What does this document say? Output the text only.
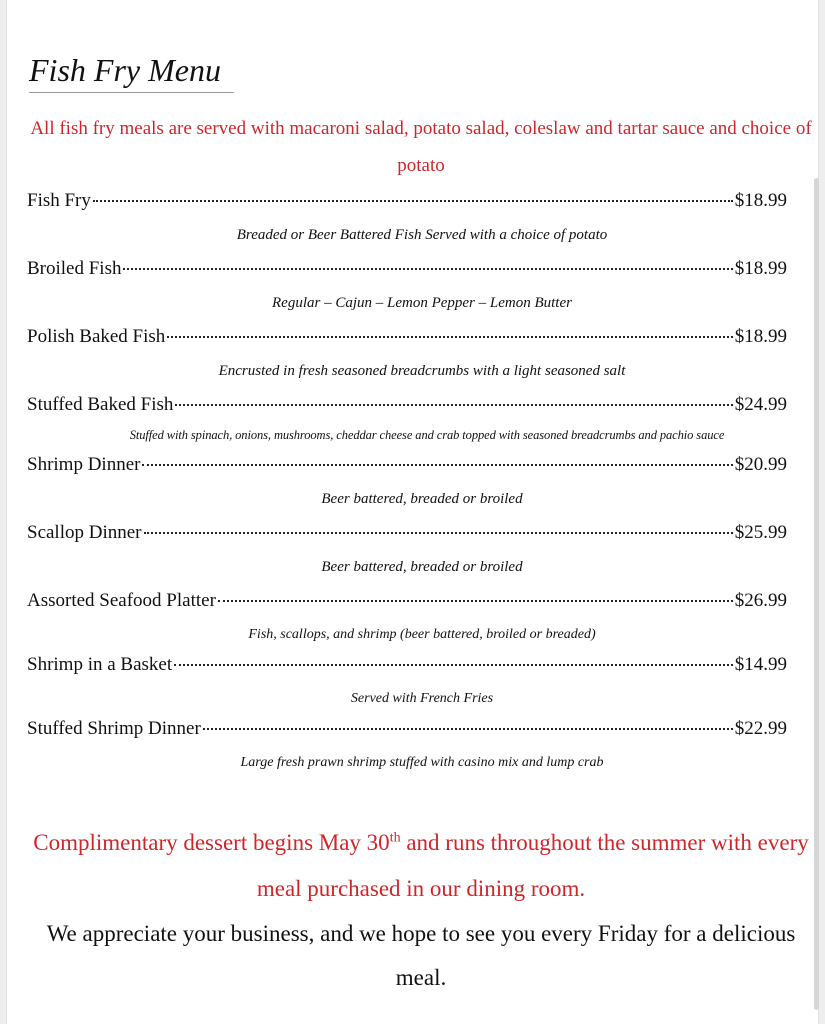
Fish Fry Menu
All fish fry meals are served with macaroni salad, potato salad, coleslaw and tartar sauce and choice of potato
Fish Fry	$18.99
Breaded or Beer Battered Fish Served with a choice of potato
Broiled Fish	$18.99
Regular – Cajun – Lemon Pepper – Lemon Butter
Polish Baked Fish	$18.99
Encrusted in fresh seasoned breadcrumbs with a light seasoned salt
Stuffed Baked Fish	$24.99
Stuffed with spinach, onions, mushrooms, cheddar cheese and crab topped with seasoned breadcrumbs and pachio sauce
Shrimp Dinner	$20.99
Beer battered, breaded or broiled
Scallop Dinner	$25.99
Beer battered, breaded or broiled
Assorted Seafood Platter	$26.99
Fish, scallops, and shrimp (beer battered, broiled or breaded)
Shrimp in a Basket	$14.99
Served with French Fries
Stuffed Shrimp Dinner	$22.99
Large fresh prawn shrimp stuffed with casino mix and lump crab
Complimentary dessert begins May 30th and runs throughout the summer with every meal purchased in our dining room.
We appreciate your business, and we hope to see you every Friday for a delicious meal.
